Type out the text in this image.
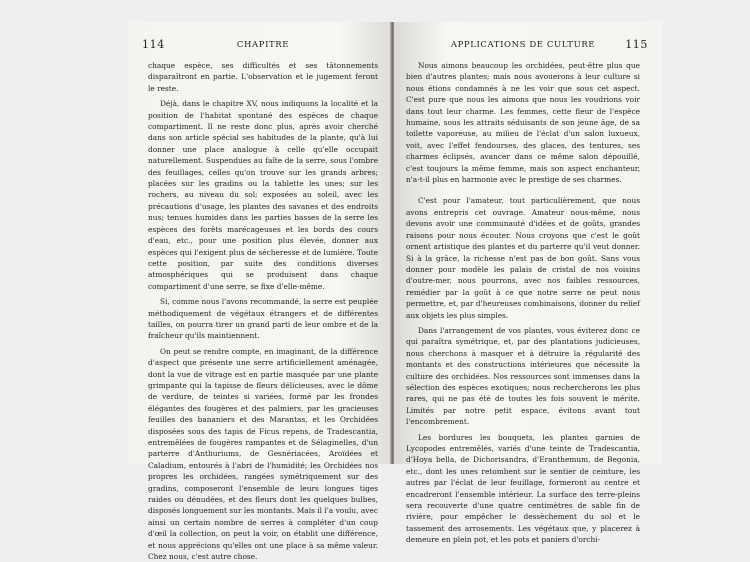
114	CHAPITRE

chaque espèce, ses difficultés et ses tâtonnements disparaîtront en partie. L'observation et le jugement feront le reste.

Déjà, dans le chapitre XV, nous indiquons la localité et la position de l'habitat spontané des espèces de chaque compartiment. Il ne reste donc plus, après avoir cherché dans son article spécial ses habitudes de la plante, qu'à lui donner une place analogue à celle qu'elle occupait naturellement. Suspendues au faîte de la serre, sous l'ombre des feuillages, celles qu'on trouve sur les grands arbres; placées sur les gradins ou la tablette les unes; sur les rochers, au niveau du sol; exposées au soleil, avec les précautions d'usage, les plantes des savanes et des endroits nus; tenues humides dans les parties basses de la serre les espèces des forêts marécageuses et les bords des cours d'eau, etc., pour une position plus élevée, donner aux espèces qui l'exigent plus de sécheresse et de lumière. Toute cette position, par suite des conditions diverses atmosphériques qui se produisent dans chaque compartiment d'une serre, se fixe d'elle-même.

Si, comme nous l'avons recommandé, la serre est peuplée méthodiquement de végétaux étrangers et de différentes tailles, on pourra tirer un grand parti de leur ombre et de la fraîcheur qu'ils maintiennent.

On peut se rendre compte, en imaginant, de la différence d'aspect que présente une serre artificiellement aménagée, dont la vue de vitrage est en partie masquée par une plante grimpante qui la tapisse de fleurs délicieuses, avec le dôme de verdure, de teintes si variées, formé par les frondes élégantes des fougères et des palmiers, par les gracieuses feuilles des bananiers et des Marantas, et les Orchidées disposées sous des tapis de Ficus repens, de Tradescantia, entremêlées de fougères rampantes et de Sélaginelles, d'un parterre d'Anthuriums, de Gesnériacées, Aroïdées et Caladium, entourés à l'abri de l'humidité; les Orchidées nos propres les orchidées, rangées symétriquement sur des gradins, composeront l'ensemble de leurs longues tiges raides ou dénudées, et des fleurs dont les quelques bulbes, disposés longuement sur les montants. Mais il l'a voulu, avec ainsi un certain nombre de serres à compléter d'un coup d'œil la collection, on peut la voir, on établit une différence, et nous apprécions qu'elles ont une place à sa même valeur. Chez nous, c'est autre chose.

APPLICATIONS DE CULTURE	115

Nous aimons beaucoup les orchidées, peut-être plus que bien d'autres plantes; mais nous avouerons à leur culture si nous étions condamnés à ne les voir que sous cet aspect. C'est pure que nous les aimons que nous les voudrions voir dans tout leur charme. Les femmes, cette fleur de l'espèce humaine, sous les attraits séduisants de son jeune âge, de sa toilette vaporeuse, au milieu de l'éclat d'un salon luxueux, voit, avec l'effet fendourses, des glaces, des tentures, ses charmes éclipsés, avancer dans ce même salon dépouillé, c'est toujours la même femme, mais son aspect enchanteur, n'a-t-il plus en harmonie avec le prestige de ses charmes.

C'est pour l'amateur, tout particulièrement, que nous avons entrepris cet ouvrage. Amateur nous-même, nous devons avoir une communauté d'idées et de goûts, grandes raisons pour nous écouter. Nous croyons que c'est le goût ornent artistique des plantes et du parterre qu'il veut donner. Si à la grâce, la richesse n'est pas de bon goût. Sans vous donner pour modèle les palais de cristal de nos voisins d'outre-mer, nous pourrons, avec nos faibles ressources, remédier par la goût à ce que notre serre ne peut nous permettre, et, par d'heureuses combinaisons, donner du relief aux objets les plus simples.

Dans l'arrangement de vos plantes, vous éviterez donc ce qui paraîtra symétrique, et, par des plantations judicieuses, nous cherchons à masquer et à détruire la régularité des montants et des constructions intérieures que nécessite la culture des orchidées. Nos ressources sont immenses dans la sélection des espèces exotiques; nous rechercherons les plus rares, qui ne pas été de toutes les fois souvent le mérite. Limités par notre petit espace, évitons avant tout l'encombrement.

Les bordures les bouquets, les plantes garnies de Lycopodes entremêlés, variés d'une teinte de Tradescantia, d'Hoya bella, de Dichorisandra, d'Eranthemum, de Begonia, etc., dont les unes retombent sur le sentier de ceinture, les autres par l'éclat de leur feuillage, formeront au centre et encadreront l'ensemble intérieur. La surface des terre-pleins sera recouverte d'une quatre centimètres de sable fin de rivière, pour empêcher le dessèchement du sol et le tassement des arrosements. Les végétaux que, y placerez à demeure en plein pot, et les pots et paniers d'orchi-
